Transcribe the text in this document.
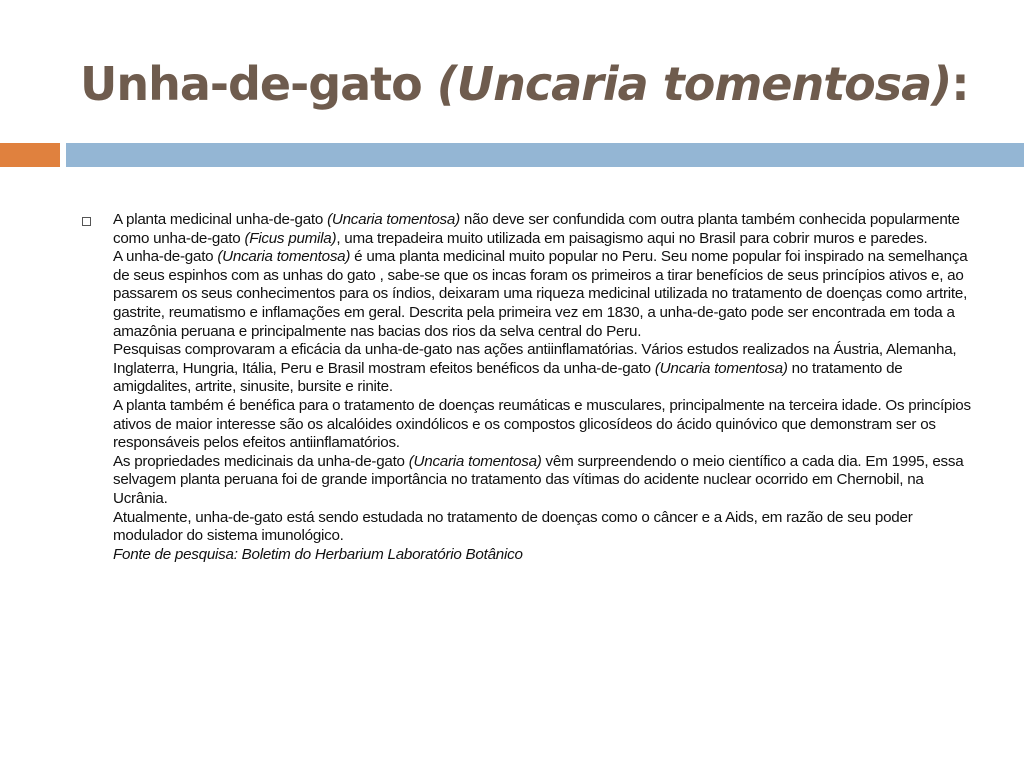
Unha-de-gato (Uncaria tomentosa):

A planta medicinal unha-de-gato (Uncaria tomentosa) não deve ser confundida com outra planta também conhecida popularmente como unha-de-gato (Ficus pumila), uma trepadeira muito utilizada em paisagismo aqui no Brasil para cobrir muros e paredes.

A unha-de-gato (Uncaria tomentosa) é uma planta medicinal muito popular no Peru. Seu nome popular foi inspirado na semelhança de seus espinhos com as unhas do gato , sabe-se que os incas foram os primeiros a tirar benefícios de seus princípios ativos e, ao passarem os seus conhecimentos para os índios, deixaram uma riqueza medicinal utilizada no tratamento de doenças como artrite, gastrite, reumatismo e inflamações em geral. Descrita pela primeira vez em 1830, a unha-de-gato pode ser encontrada em toda a amazônia peruana e principalmente nas bacias dos rios da selva central do Peru.

Pesquisas comprovaram a eficácia da unha-de-gato nas ações antiinflamatórias. Vários estudos realizados na Áustria, Alemanha, Inglaterra, Hungria, Itália, Peru e Brasil mostram efeitos benéficos da unha-de-gato (Uncaria tomentosa) no tratamento de amigdalites, artrite, sinusite, bursite e rinite.

A planta também é benéfica para o tratamento de doenças reumáticas e musculares, principalmente na terceira idade. Os princípios ativos de maior interesse são os alcalóides oxindólicos e os compostos glicosídeos do ácido quinóvico que demonstram ser os responsáveis pelos efeitos antiinflamatórios.

As propriedades medicinais da unha-de-gato (Uncaria tomentosa) vêm surpreendendo o meio científico a cada dia. Em 1995, essa selvagem planta peruana foi de grande importância no tratamento das vítimas do acidente nuclear ocorrido em Chernobil, na Ucrânia.

Atualmente, unha-de-gato está sendo estudada no tratamento de doenças como o câncer e a Aids, em razão de seu poder modulador do sistema imunológico.

Fonte de pesquisa: Boletim do Herbarium Laboratório Botânico
